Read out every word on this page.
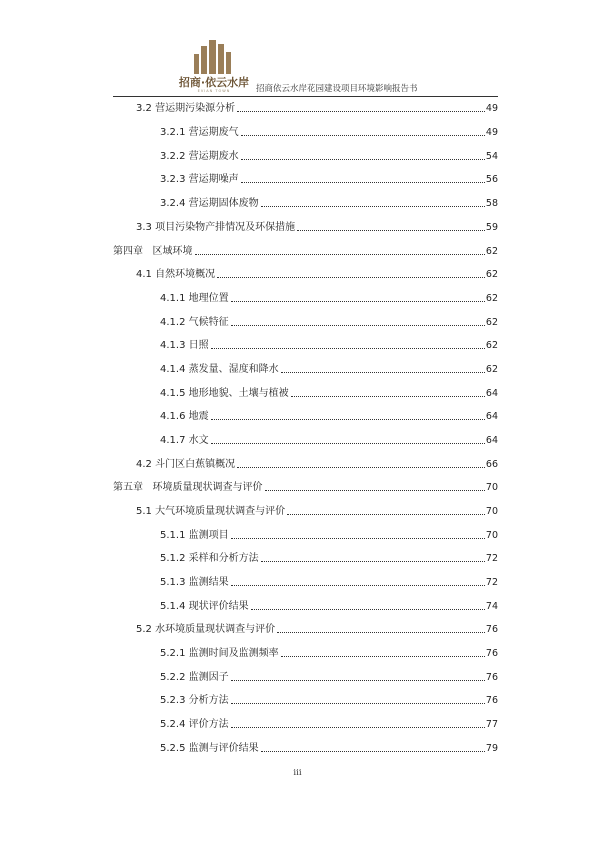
招商·依云水岸
EVIAN TOWN	招商依云水岸花园建设项目环境影响报告书
3.2 营运期污染源分析	49
3.2.1 营运期废气	49
3.2.2 营运期废水	54
3.2.3 营运期噪声	56
3.2.4 营运期固体废物	58
3.3 项目污染物产排情况及环保措施	59
第四章 区域环境	62
4.1 自然环境概况	62
4.1.1 地理位置	62
4.1.2 气候特征	62
4.1.3 日照	62
4.1.4 蒸发量、湿度和降水	62
4.1.5 地形地貌、土壤与植被	64
4.1.6 地震	64
4.1.7 水文	64
4.2 斗门区白蕉镇概况	66
第五章 环境质量现状调查与评价	70
5.1 大气环境质量现状调查与评价	70
5.1.1 监测项目	70
5.1.2 采样和分析方法	72
5.1.3 监测结果	72
5.1.4 现状评价结果	74
5.2 水环境质量现状调查与评价	76
5.2.1 监测时间及监测频率	76
5.2.2 监测因子	76
5.2.3 分析方法	76
5.2.4 评价方法	77
5.2.5 监测与评价结果	79
iii
